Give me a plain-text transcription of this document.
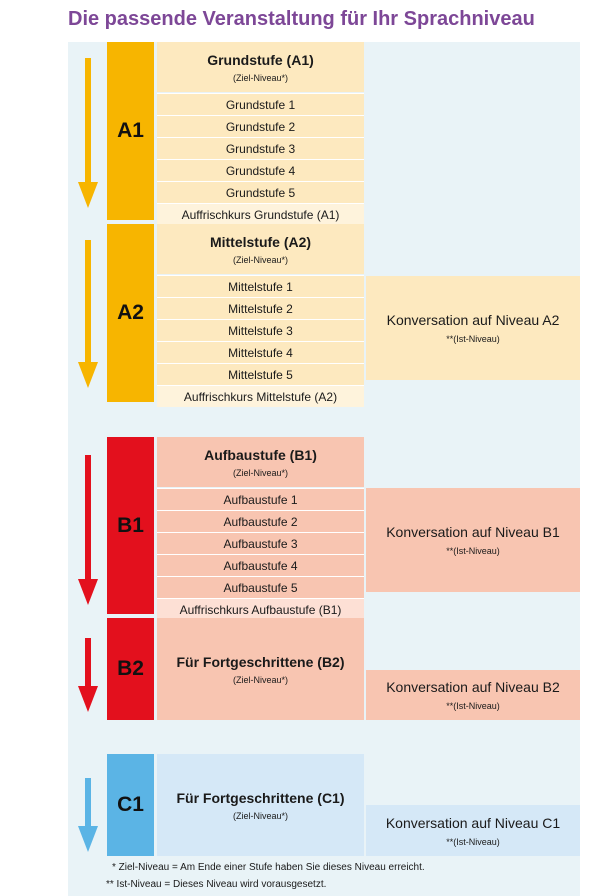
Die passende Veranstaltung für Ihr Sprachniveau
A1
Grundstufe (A1)
(Ziel-Niveau*)
Grundstufe 1
Grundstufe 2
Grundstufe 3
Grundstufe 4
Grundstufe 5
Auffrischkurs Grundstufe (A1)
A2
Mittelstufe (A2)
(Ziel-Niveau*)
Mittelstufe 1
Mittelstufe 2
Mittelstufe 3
Mittelstufe 4
Mittelstufe 5
Auffrischkurs Mittelstufe (A2)
Konversation auf Niveau A2
**(Ist-Niveau)
B1
Aufbaustufe (B1)
(Ziel-Niveau*)
Aufbaustufe 1
Aufbaustufe 2
Aufbaustufe 3
Aufbaustufe 4
Aufbaustufe 5
Auffrischkurs Aufbaustufe (B1)
Konversation auf Niveau B1
**(Ist-Niveau)
B2 Für Fortgeschrittene (B2)
(Ziel-Niveau*)	Konversation auf Niveau B2
**(Ist-Niveau)
C1 Für Fortgeschrittene (C1)
(Ziel-Niveau*)	Konversation auf Niveau C1
**(Ist-Niveau)
* Ziel-Niveau = Am Ende einer Stufe haben Sie dieses Niveau erreicht.
** Ist-Niveau = Dieses Niveau wird vorausgesetzt.
